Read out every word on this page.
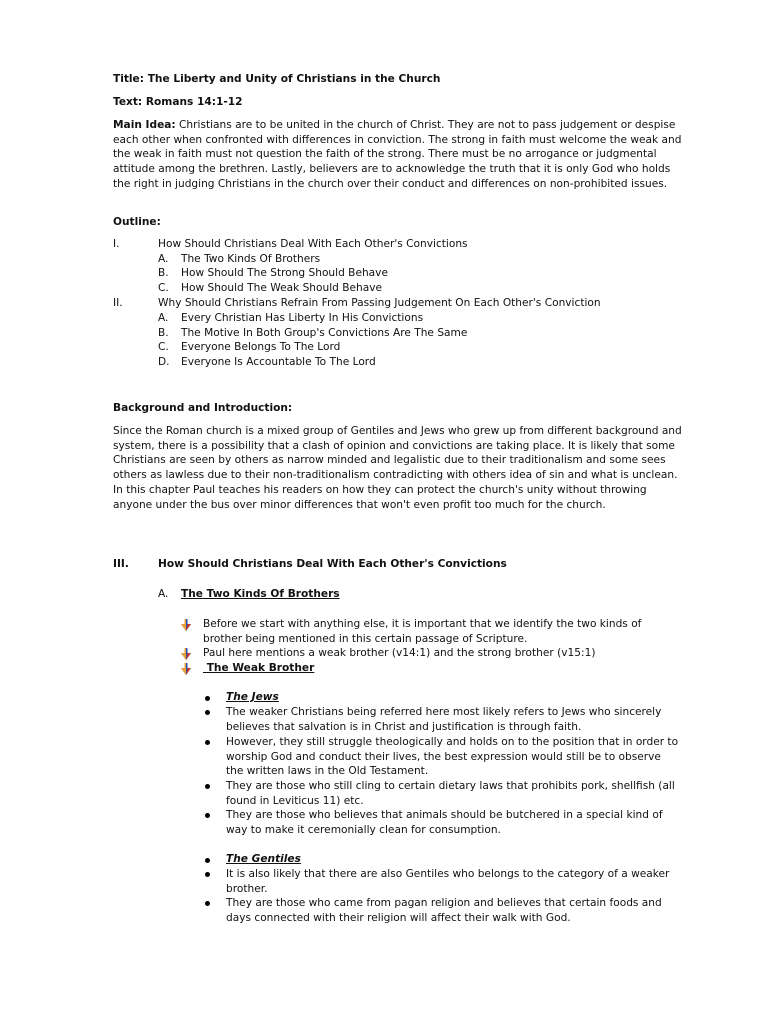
Title: The Liberty and Unity of Christians in the Church
Text: Romans 14:1-12

Main Idea: Christians are to be united in the church of Christ. They are not to pass judgement or despise each other when confronted with differences in conviction. The strong in faith must welcome the weak and the weak in faith must not question the faith of the strong. There must be no arrogance or judgmental attitude among the brethren. Lastly, believers are to acknowledge the truth that it is only God who holds the right in judging Christians in the church over their conduct and differences on non-prohibited issues.

Outline:
I.	How Should Christians Deal With Each Other's Convictions
A. The Two Kinds Of Brothers
B. How Should The Strong Should Behave
C. How Should The Weak Should Behave
II.	Why Should Christians Refrain From Passing Judgement On Each Other's Conviction
A. Every Christian Has Liberty In His Convictions
B. The Motive In Both Group's Convictions Are The Same
C. Everyone Belongs To The Lord
D. Everyone Is Accountable To The Lord
Background and Introduction:

Since the Roman church is a mixed group of Gentiles and Jews who grew up from different background and system, there is a possibility that a clash of opinion and convictions are taking place. It is likely that some Christians are seen by others as narrow minded and legalistic due to their traditionalism and some sees others as lawless due to their non-traditionalism contradicting with others idea of sin and what is unclean. In this chapter Paul teaches his readers on how they can protect the church's unity without throwing anyone under the bus over minor differences that won't even profit too much for the church.

III.	How Should Christians Deal With Each Other's Convictions
A. The Two Kinds Of Brothers

Before we start with anything else, it is important that we identify the two kinds of brother being mentioned in this certain passage of Scripture.

Paul here mentions a weak brother (v14:1) and the strong brother (v15:1)
The Weak Brother
The Jews

The weaker Christians being referred here most likely refers to Jews who sincerely believes that salvation is in Christ and justification is through faith.

However, they still struggle theologically and holds on to the position that in order to worship God and conduct their lives, the best expression would still be to observe the written laws in the Old Testament.

They are those who still cling to certain dietary laws that prohibits pork, shellfish (all found in Leviticus 11) etc.

They are those who believes that animals should be butchered in a special kind of way to make it ceremonially clean for consumption.

The Gentiles

It is also likely that there are also Gentiles who belongs to the category of a weaker brother.

They are those who came from pagan religion and believes that certain foods and days connected with their religion will affect their walk with God.
